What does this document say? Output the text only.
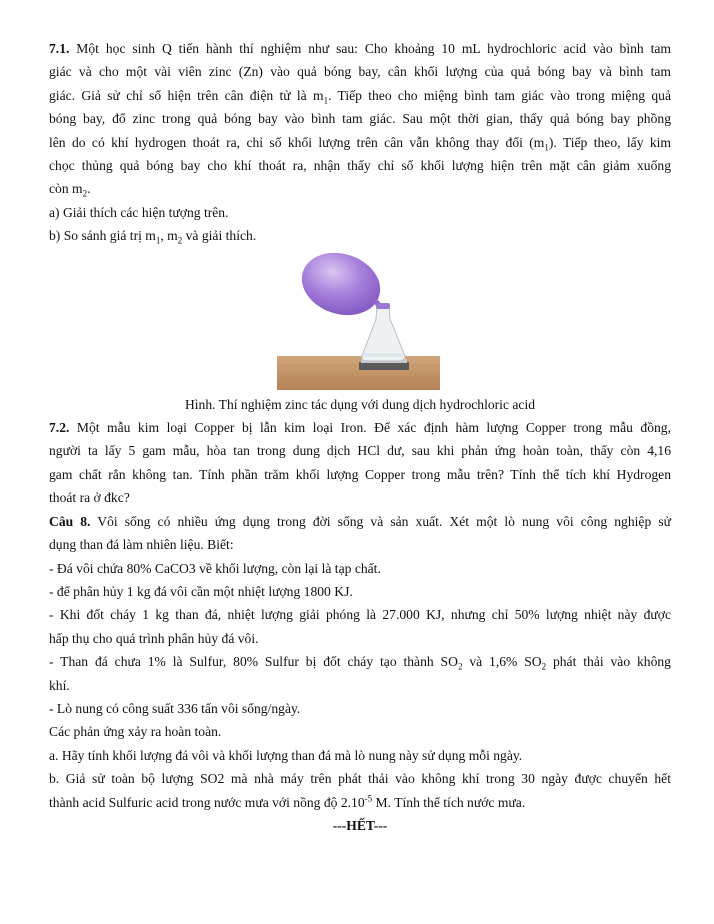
7.1. Một học sinh Q tiến hành thí nghiệm như sau: Cho khoảng 10 mL hydrochloric acid vào bình tam
giác và cho một vài viên zinc (Zn) vào quả bóng bay, cân khối lượng của quả bóng bay và bình tam
giác. Giả sử chỉ số hiện trên cân điện tử là $m_1$. Tiếp theo cho miệng bình tam giác vào trong miệng quả
bóng bay, đổ zinc trong quả bóng bay vào bình tam giác. Sau một thời gian, thấy quả bóng bay phồng
lên do có khí hydrogen thoát ra, chỉ số khối lượng trên cân vẫn không thay đổi $(m_1)$. Tiếp theo, lấy kim
chọc thủng quả bóng bay cho khí thoát ra, nhận thấy chỉ số khối lượng hiện trên mặt cân giảm xuống
còn $m_2$.
a) Giải thích các hiện tượng trên.
b) So sánh giá trị $m_1$, $m_2$ và giải thích.
Hình. Thí nghiệm zinc tác dụng với dung dịch hydrochloric acid
7.2. Một mẫu kim loại Copper bị lẫn kim loại Iron. Để xác định hàm lượng Copper trong mẫu đồng,
người ta lấy 5 gam mẫu, hòa tan trong dung dịch HCl dư, sau khi phản ứng hoàn toàn, thấy còn 4,16
gam chất rắn không tan. Tính phần trăm khối lượng Copper trong mẫu trên? Tính thể tích khí Hydrogen
thoát ra ở đkc?
Câu 8. Vôi sống có nhiều ứng dụng trong đời sống và sản xuất. Xét một lò nung vôi công nghiệp sử
dụng than đá làm nhiên liệu. Biết:
- Đá vôi chứa 80% CaCO3 về khối lượng, còn lại là tạp chất.
- để phân hủy 1 kg đá vôi cần một nhiệt lượng 1800 KJ.
- Khi đốt cháy 1 kg than đá, nhiệt lượng giải phóng là 27.000 KJ, nhưng chỉ 50% lượng nhiệt này được
hấp thụ cho quá trình phân hủy đá vôi.
- Than đá chưa 1% là Sulfur, 80% Sulfur bị đốt cháy tạo thành $SO_2$ và 1,6% $SO_2$ phát thải vào không
khí.
- Lò nung có công suất 336 tấn vôi sống/ngày.
Các phản ứng xảy ra hoàn toàn.
a. Hãy tính khối lượng đá vôi và khối lượng than đá mà lò nung này sử dụng mỗi ngày.
b. Giả sử toàn bộ lượng SO2 mà nhà máy trên phát thải vào không khí trong 30 ngày được chuyển hết
thành acid Sulfuric acid trong nước mưa với nồng độ $2.10^{-5}$ M. Tính thể tích nước mưa.
---HẾT---
